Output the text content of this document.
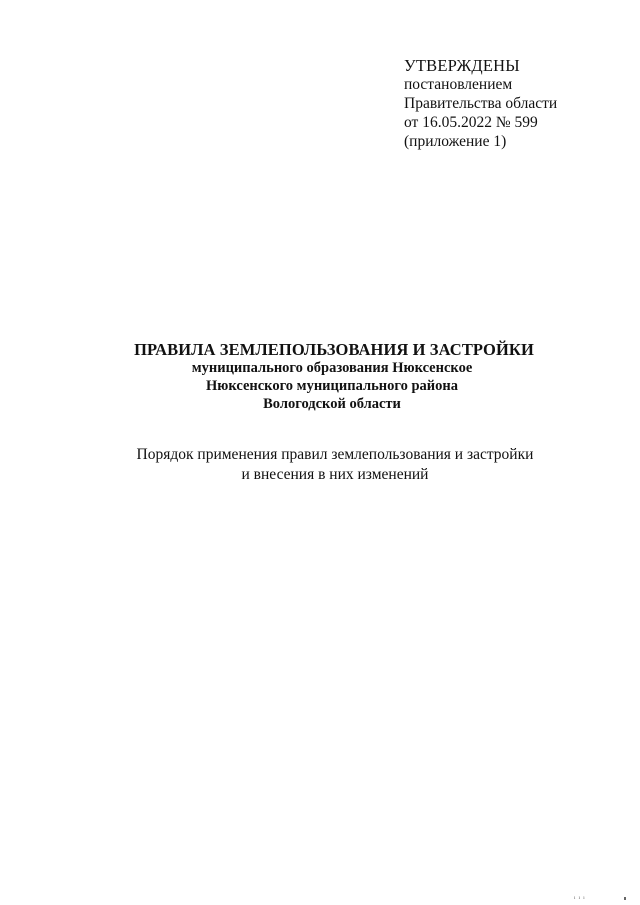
УТВЕРЖДЕНЫ
постановлением
Правительства области
от 16.05.2022 № 599
(приложение 1)
ПРАВИЛА ЗЕМЛЕПОЛЬЗОВАНИЯ И ЗАСТРОЙКИ
муниципального образования Нюксенское
Нюксенского муниципального района
Вологодской области
Порядок применения правил землепользования и застройки
и внесения в них изменений
 ı ı ı 
